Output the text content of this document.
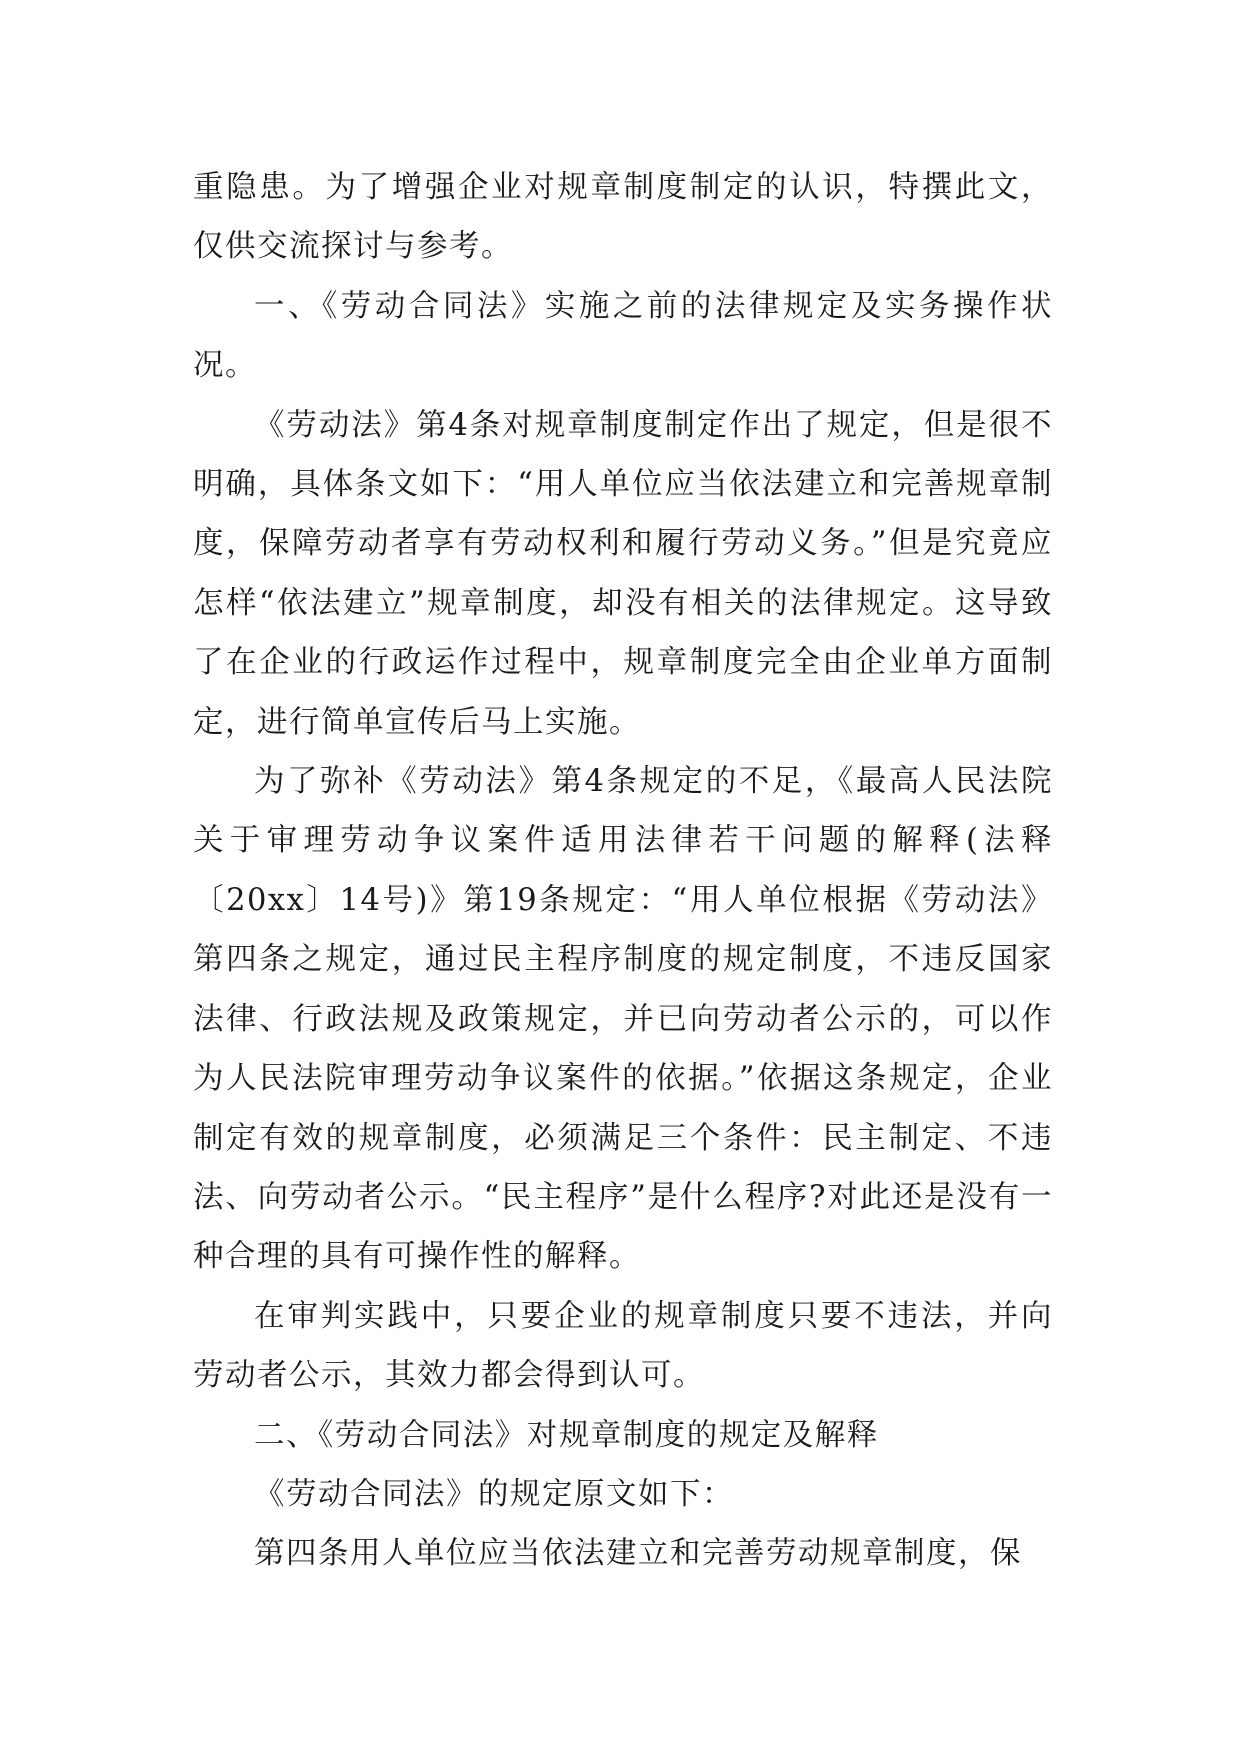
重隐患。为了增强企业对规章制度制定的认识，特撰此文，仅供交流探讨与参考。

一、《劳动合同法》实施之前的法律规定及实务操作状况。

《劳动法》第4条对规章制度制定作出了规定，但是很不明确，具体条文如下：“用人单位应当依法建立和完善规章制度，保障劳动者享有劳动权利和履行劳动义务。”但是究竟应怎样“依法建立”规章制度，却没有相关的法律规定。这导致了在企业的行政运作过程中，规章制度完全由企业单方面制定，进行简单宣传后马上实施。

为了弥补《劳动法》第4条规定的不足，《最高人民法院关于审理劳动争议案件适用法律若干问题的解释(法释〔20xx〕14号)》第19条规定：“用人单位根据《劳动法》第四条之规定，通过民主程序制度的规定制度，不违反国家法律、行政法规及政策规定，并已向劳动者公示的，可以作为人民法院审理劳动争议案件的依据。”依据这条规定，企业制定有效的规章制度，必须满足三个条件：民主制定、不违法、向劳动者公示。“民主程序”是什么程序?对此还是没有一种合理的具有可操作性的解释。

在审判实践中，只要企业的规章制度只要不违法，并向劳动者公示，其效力都会得到认可。

二、《劳动合同法》对规章制度的规定及解释

《劳动合同法》的规定原文如下：

第四条用人单位应当依法建立和完善劳动规章制度，保
